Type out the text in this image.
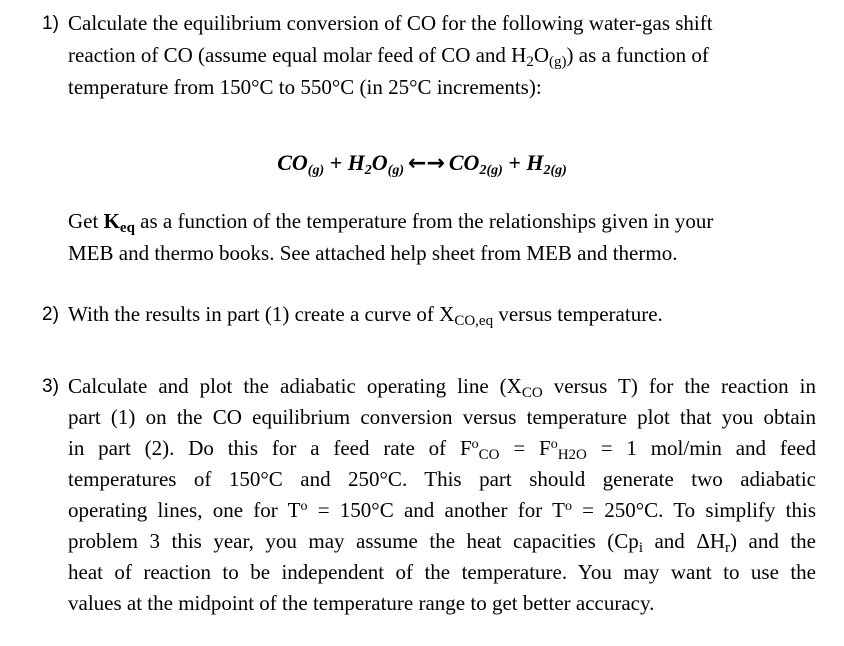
1) Calculate the equilibrium conversion of CO for the following water-gas shift
reaction of CO (assume equal molar feed of CO and $H_2O_{(g)}$) as a function of
temperature from 150°C to 550°C (in 25°C increments):
$CO_{(g)} + H_2O_{(g)}$ ←→ $CO_{2(g)} + H_{2(g)}$
Get $K_{eq}$ as a function of the temperature from the relationships given in your
MEB and thermo books. See attached help sheet from MEB and thermo.
2) With the results in part (1) create a curve of $X_{CO,eq}$ versus temperature.
3) Calculate and plot the adiabatic operating line ($X_{CO}$ versus T) for the reaction in
part (1) on the CO equilibrium conversion versus temperature plot that you obtain
in part (2). Do this for a feed rate of $F^o_{CO} = F^o_{H2O} = 1$ mol/min and feed
temperatures of 150°C and 250°C. This part should generate two adiabatic
operating lines, one for $T^o = 150^\circ C$ and another for $T^o = 250^\circ C$. To simplify this
problem 3 this year, you may assume the heat capacities ($Cp_i$ and $\Delta H_r$) and the
heat of reaction to be independent of the temperature. You may want to use the
values at the midpoint of the temperature range to get better accuracy.
